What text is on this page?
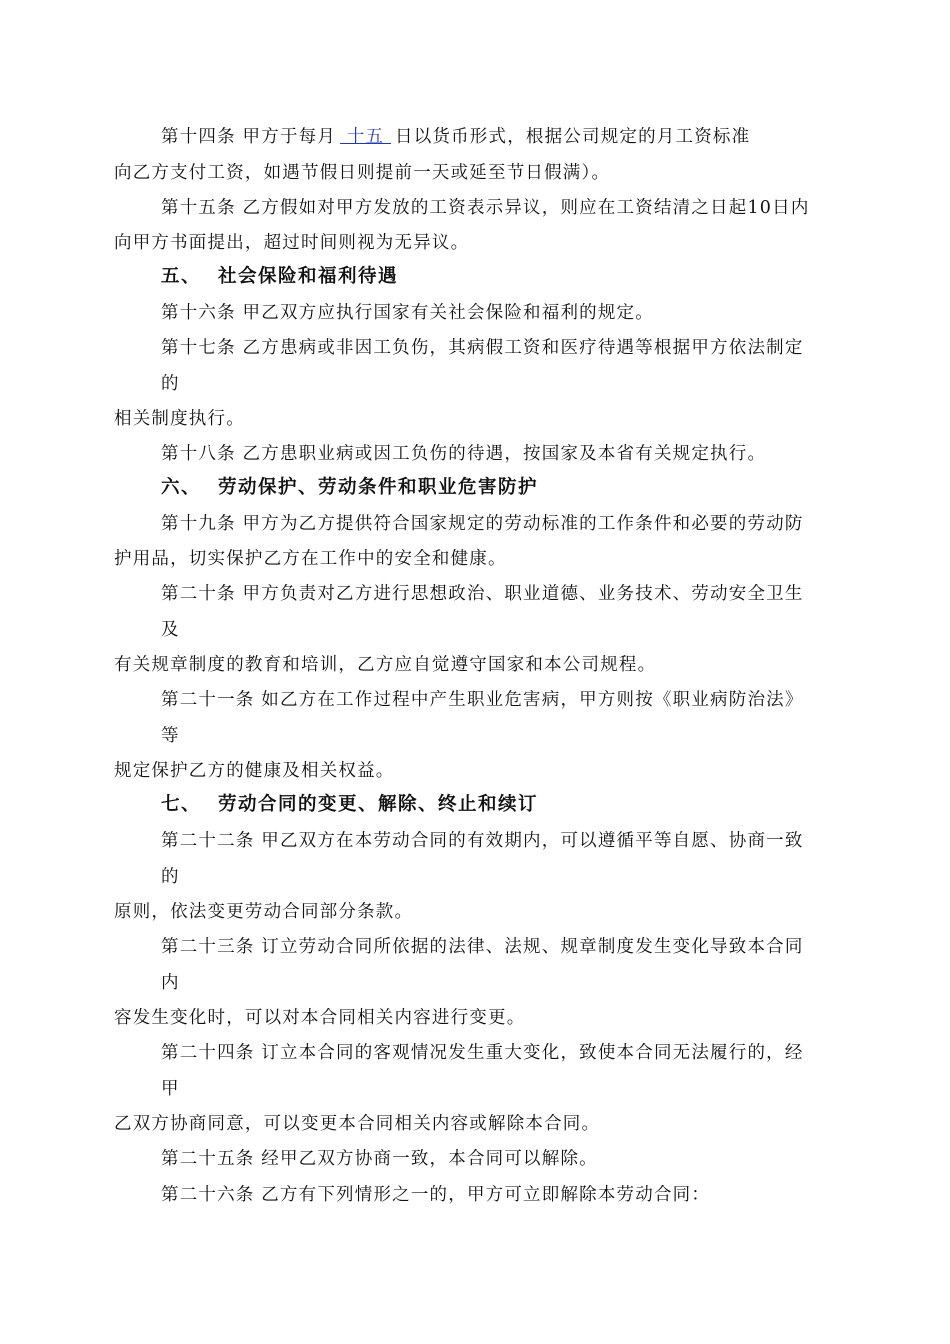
第十四条 甲方于每月 十五 日以货币形式，根据公司规定的月工资标准
向乙方支付工资，如遇节假日则提前一天或延至节日假满）。
第十五条 乙方假如对甲方发放的工资表示异议，则应在工资结清之日起10日内
向甲方书面提出，超过时间则视为无异议。
五、 社会保险和福利待遇
第十六条 甲乙双方应执行国家有关社会保险和福利的规定。
第十七条 乙方患病或非因工负伤，其病假工资和医疗待遇等根据甲方依法制定
的
相关制度执行。
第十八条 乙方患职业病或因工负伤的待遇，按国家及本省有关规定执行。
六、 劳动保护、劳动条件和职业危害防护
第十九条 甲方为乙方提供符合国家规定的劳动标准的工作条件和必要的劳动防
护用品，切实保护乙方在工作中的安全和健康。
第二十条 甲方负责对乙方进行思想政治、职业道德、业务技术、劳动安全卫生
及
有关规章制度的教育和培训，乙方应自觉遵守国家和本公司规程。
第二十一条 如乙方在工作过程中产生职业危害病，甲方则按《职业病防治法》
等
规定保护乙方的健康及相关权益。
七、 劳动合同的变更、解除、终止和续订
第二十二条 甲乙双方在本劳动合同的有效期内，可以遵循平等自愿、协商一致
的
原则，依法变更劳动合同部分条款。
第二十三条 订立劳动合同所依据的法律、法规、规章制度发生变化导致本合同
内
容发生变化时，可以对本合同相关内容进行变更。
第二十四条 订立本合同的客观情况发生重大变化，致使本合同无法履行的，经
甲
乙双方协商同意，可以变更本合同相关内容或解除本合同。
第二十五条 经甲乙双方协商一致，本合同可以解除。
第二十六条 乙方有下列情形之一的，甲方可立即解除本劳动合同：
